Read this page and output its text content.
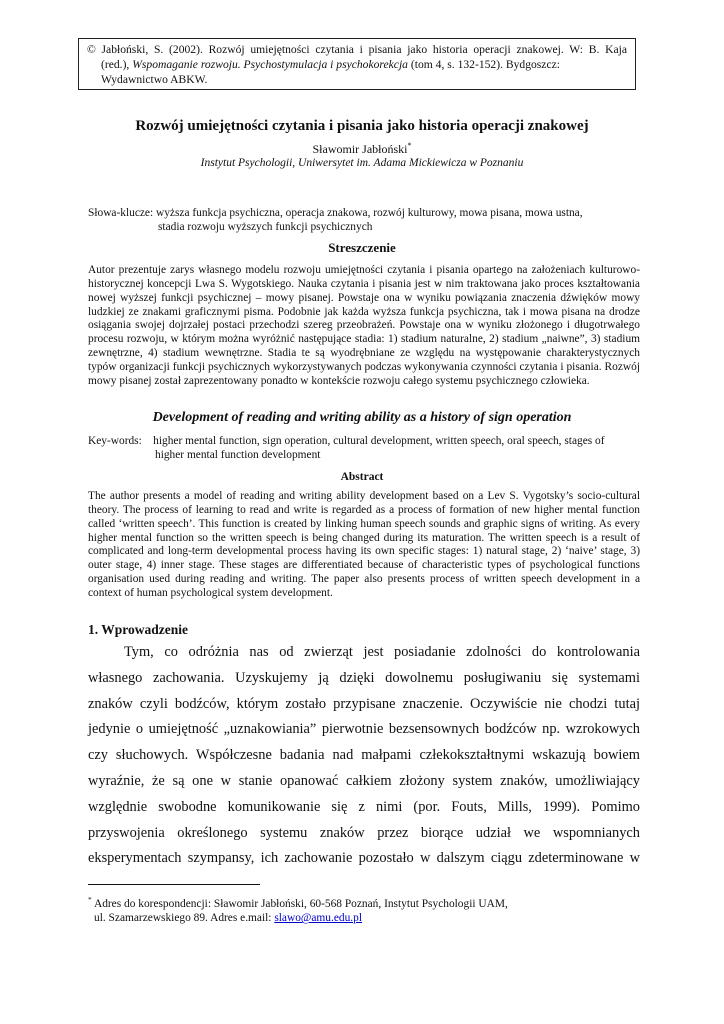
© Jabłoński, S. (2002). Rozwój umiejętności czytania i pisania jako historia operacji znakowej. W: B. Kaja
(red.), Wspomaganie rozwoju. Psychostymulacja i psychokorekcja (tom 4, s. 132-152). Bydgoszcz:
Wydawnictwo ABKW.
Rozwój umiejętności czytania i pisania jako historia operacji znakowej
Sławomir Jabłoński*
Instytut Psychologii, Uniwersytet im. Adama Mickiewicza w Poznaniu
Słowa-klucze: wyższa funkcja psychiczna, operacja znakowa, rozwój kulturowy, mowa pisana, mowa ustna,
stadia rozwoju wyższych funkcji psychicznych
Streszczenie
Autor prezentuje zarys własnego modelu rozwoju umiejętności czytania i pisania opartego na założeniach kulturowo-historycznej koncepcji Lwa S. Wygotskiego. Nauka czytania i pisania jest w nim traktowana jako proces kształtowania nowej wyższej funkcji psychicznej – mowy pisanej. Powstaje ona w wyniku powiązania znaczenia dźwięków mowy ludzkiej ze znakami graficznymi pisma. Podobnie jak każda wyższa funkcja psychiczna, tak i mowa pisana na drodze osiągania swojej dojrzałej postaci przechodzi szereg przeobrażeń. Powstaje ona w wyniku złożonego i długotrwałego procesu rozwoju, w którym można wyróżnić następujące stadia: 1) stadium naturalne, 2) stadium „naiwne”, 3) stadium zewnętrzne, 4) stadium wewnętrzne. Stadia te są wyodrębniane ze względu na występowanie charakterystycznych typów organizacji funkcji psychicznych wykorzystywanych podczas wykonywania czynności czytania i pisania. Rozwój mowy pisanej został zaprezentowany ponadto w kontekście rozwoju całego systemu psychicznego człowieka.
Development of reading and writing ability as a history of sign operation
Key-words: higher mental function, sign operation, cultural development, written speech, oral speech, stages of
higher mental function development
Abstract
The author presents a model of reading and writing ability development based on a Lev S. Vygotsky’s socio-cultural theory. The process of learning to read and write is regarded as a process of formation of new higher mental function called ‘written speech’. This function is created by linking human speech sounds and graphic signs of writing. As every higher mental function so the written speech is being changed during its maturation. The written speech is a result of complicated and long-term developmental process having its own specific stages: 1) natural stage, 2) ‘naive’ stage, 3) outer stage, 4) inner stage. These stages are differentiated because of characteristic types of psychological functions organisation used during reading and writing. The paper also presents process of written speech development in a context of human psychological system development.
1. Wprowadzenie
Tym, co odróżnia nas od zwierząt jest posiadanie zdolności do kontrolowania
własnego zachowania. Uzyskujemy ją dzięki dowolnemu posługiwaniu się systemami
znaków czyli bodźców, którym zostało przypisane znaczenie. Oczywiście nie chodzi tutaj
jedynie o umiejętność „uznakowiania” pierwotnie bezsensownych bodźców np. wzrokowych
czy słuchowych. Współczesne badania nad małpami człekokształtnymi wskazują bowiem
wyraźnie, że są one w stanie opanować całkiem złożony system znaków, umożliwiający
względnie swobodne komunikowanie się z nimi (por. Fouts, Mills, 1999). Pomimo
przyswojenia określonego systemu znaków przez biorące udział we wspomnianych
eksperymentach szympansy, ich zachowanie pozostało w dalszym ciągu zdeterminowane w
* Adres do korespondencji: Sławomir Jabłoński, 60-568 Poznań, Instytut Psychologii UAM,
ul. Szamarzewskiego 89. Adres e.mail: slawo@amu.edu.pl
